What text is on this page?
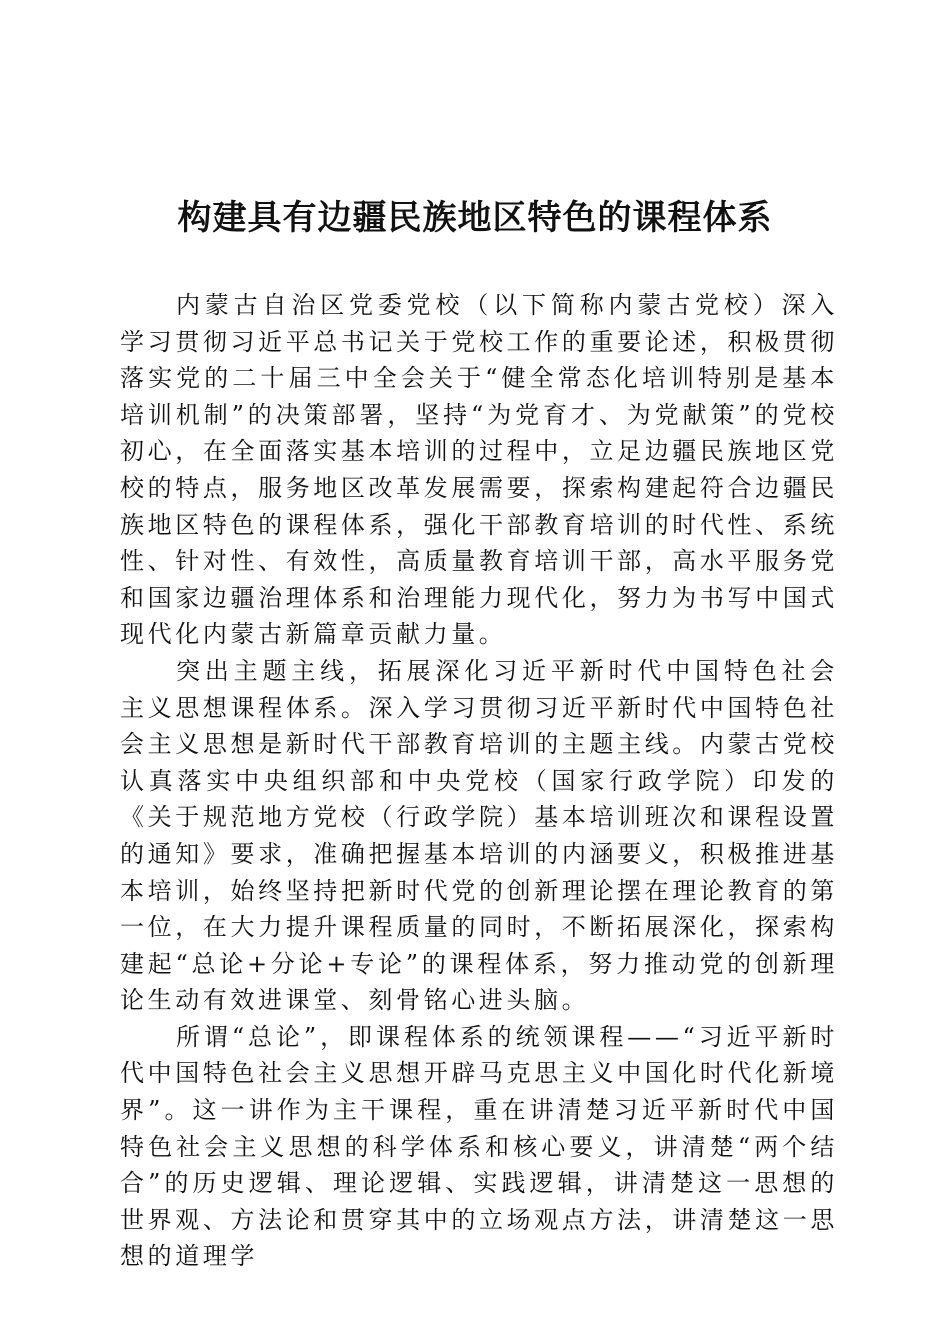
构建具有边疆民族地区特色的课程体系

内蒙古自治区党委党校（以下简称内蒙古党校）深入学习贯彻习近平总书记关于党校工作的重要论述，积极贯彻落实党的二十届三中全会关于“健全常态化培训特别是基本培训机制”的决策部署，坚持“为党育才、为党献策”的党校初心，在全面落实基本培训的过程中，立足边疆民族地区党校的特点，服务地区改革发展需要，探索构建起符合边疆民族地区特色的课程体系，强化干部教育培训的时代性、系统性、针对性、有效性，高质量教育培训干部，高水平服务党和国家边疆治理体系和治理能力现代化，努力为书写中国式现代化内蒙古新篇章贡献力量。

突出主题主线，拓展深化习近平新时代中国特色社会主义思想课程体系。深入学习贯彻习近平新时代中国特色社会主义思想是新时代干部教育培训的主题主线。内蒙古党校认真落实中央组织部和中央党校（国家行政学院）印发的《关于规范地方党校（行政学院）基本培训班次和课程设置的通知》要求，准确把握基本培训的内涵要义，积极推进基本培训，始终坚持把新时代党的创新理论摆在理论教育的第一位，在大力提升课程质量的同时，不断拓展深化，探索构建起“总论+分论+专论”的课程体系，努力推动党的创新理论生动有效进课堂、刻骨铭心进头脑。

所谓“总论”，即课程体系的统领课程——“习近平新时代中国特色社会主义思想开辟马克思主义中国化时代化新境界”。这一讲作为主干课程，重在讲清楚习近平新时代中国特色社会主义思想的科学体系和核心要义，讲清楚“两个结合”的历史逻辑、理论逻辑、实践逻辑，讲清楚这一思想的世界观、方法论和贯穿其中的立场观点方法，讲清楚这一思想的道理学
